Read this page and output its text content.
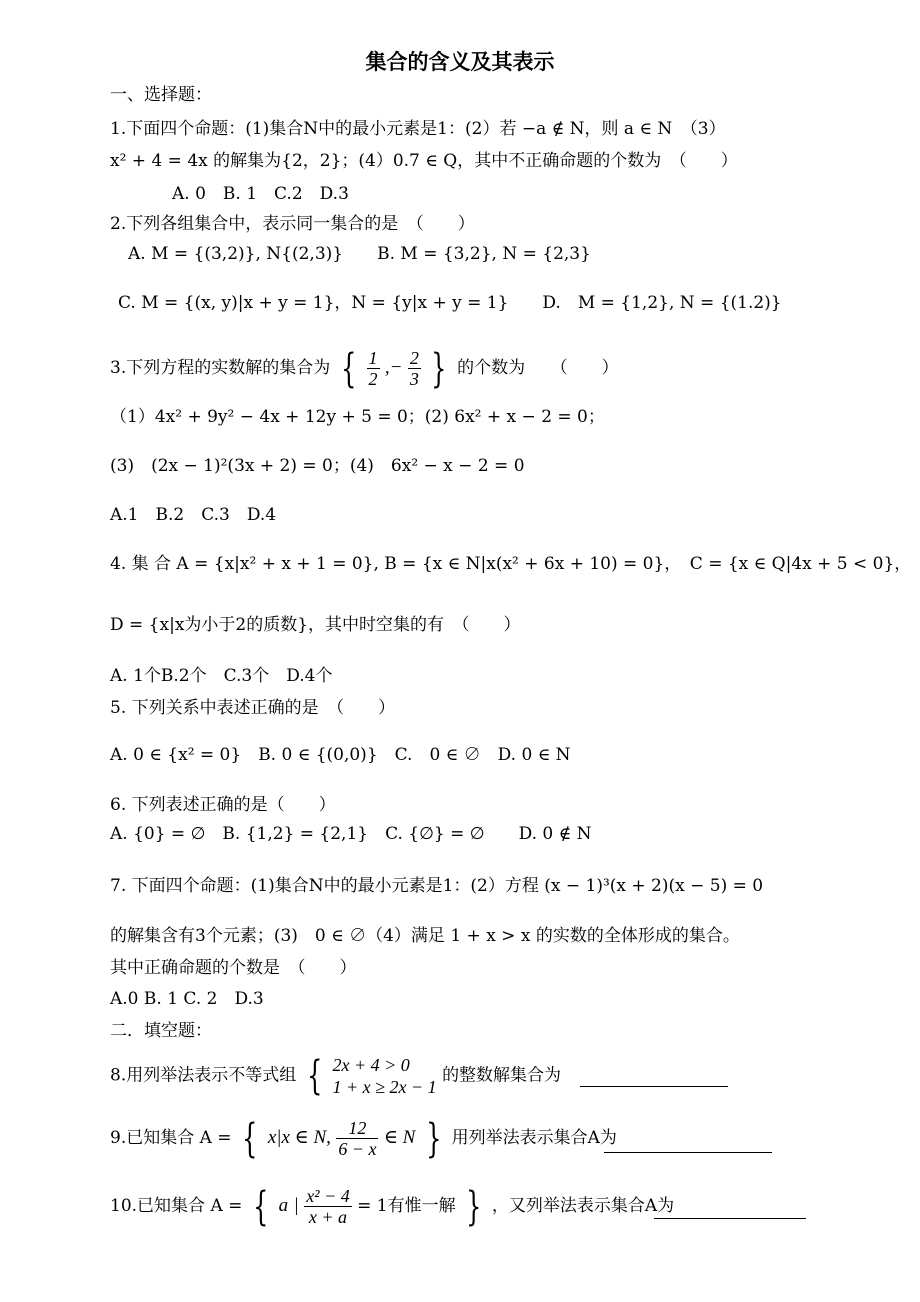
集合的含义及其表示
一、选择题：
1.下面四个命题：(1)集合N中的最小元素是1：(2）若 −a ∉ N，则 a ∈ N　（3）
x² + 4 = 4x 的解集为{2，2}；(4）0.7 ∈ Q，其中不正确命题的个数为　（　　）
A. 0　B. 1　C.2　D.3
2.下列各组集合中，表示同一集合的是　（　　）
A. M = {(3,2)}, N{(2,3)}　　B. M = {3,2}, N = {2,3}
C. M = {(x, y)|x + y = 1}，N = {y|x + y = 1}　　D.　M = {1,2}, N = {(1.2)}
3.下列方程的实数解的集合为 { $\frac{1}{2}$ ,− $\frac{2}{3}$ } 的个数为　　（　　）
（1）4x² + 9y² − 4x + 12y + 5 = 0；(2) 6x² + x − 2 = 0；
(3)　(2x − 1)²(3x + 2) = 0；(4)　6x² − x − 2 = 0
A.1　B.2　C.3　D.4
4. 集 合 A = {x|x² + x + 1 = 0}, B = {x ∈ N|x(x² + 6x + 10) = 0}，　C = {x ∈ Q|4x + 5 < 0}，
D = {x|x为小于2的质数}，其中时空集的有　（　　）
A. 1个B.2个　C.3个　D.4个
5. 下列关系中表述正确的是　（　　）
A. 0 ∈ {x² = 0}　B. 0 ∈ {(0,0)}　C.　0 ∈ ∅　D. 0 ∈ N
6. 下列表述正确的是（　　）
A. {0} = ∅　B. {1,2} = {2,1}　C. {∅} = ∅　　D. 0 ∉ N
7. 下面四个命题：(1)集合N中的最小元素是1：(2）方程 (x − 1)³(x + 2)(x − 5) = 0
的解集含有3个元素；(3)　0 ∈ ∅（4）满足 1 + x > x 的实数的全体形成的集合。
其中正确命题的个数是　（　　）
A.0 B. 1 C. 2　D.3
二．填空题：
8.用列举法表示不等式组 { 2x + 4 > 0
1 + x ≥ 2x − 1
的整数解集合为
9.已知集合 A = { x|x ∈ N, $\frac{12}{6 - x}$ ∈ N } 用列举法表示集合A为
10.已知集合 A = { a | $\frac{\text{x² − 4}}{x + a} = 1$有惟一解 } ，又列举法表示集合A为
